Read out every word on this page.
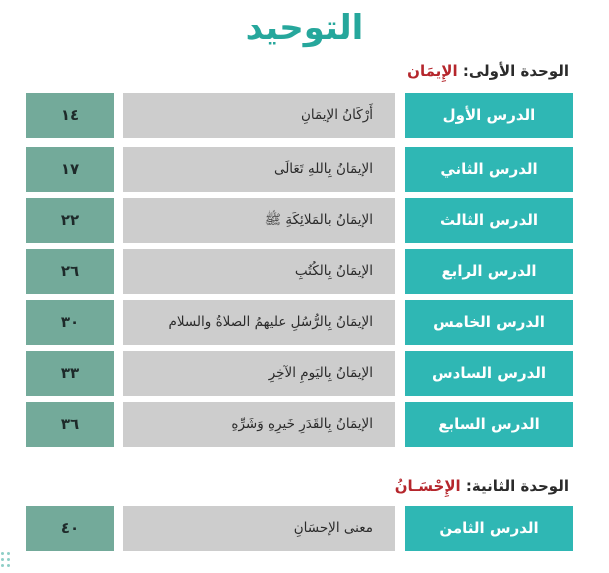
التوحيد
الوحدة الأولى: الإِيمَان
الدرس الأول
أَرْكَانُ الإيمَانِ
١٤
الدرس الثاني
الإيمَانُ بِاللهِ تَعَالَى
١٧
الدرس الثالث
الإيمَانُ بالمَلائِكَةِ ﷺ
٢٢
الدرس الرابع
الإيمَانُ بِالكُتُبِ
٢٦
الدرس الخامس
الإيمَانُ بِالرُّسُلِ عليهمُ الصلاةُ والسلام
٣٠
الدرس السادس
الإيمَانُ بِاليَومِ الآخِرِ
٣٣
الدرس السابع
الإيمَانُ بِالقَدَرِ خَيرِهِ وَشَرِّهِ
٣٦
الوحدة الثانية: الإِحْسَـانُ
الدرس الثامن
معنى الإحسَانِ
٤٠
